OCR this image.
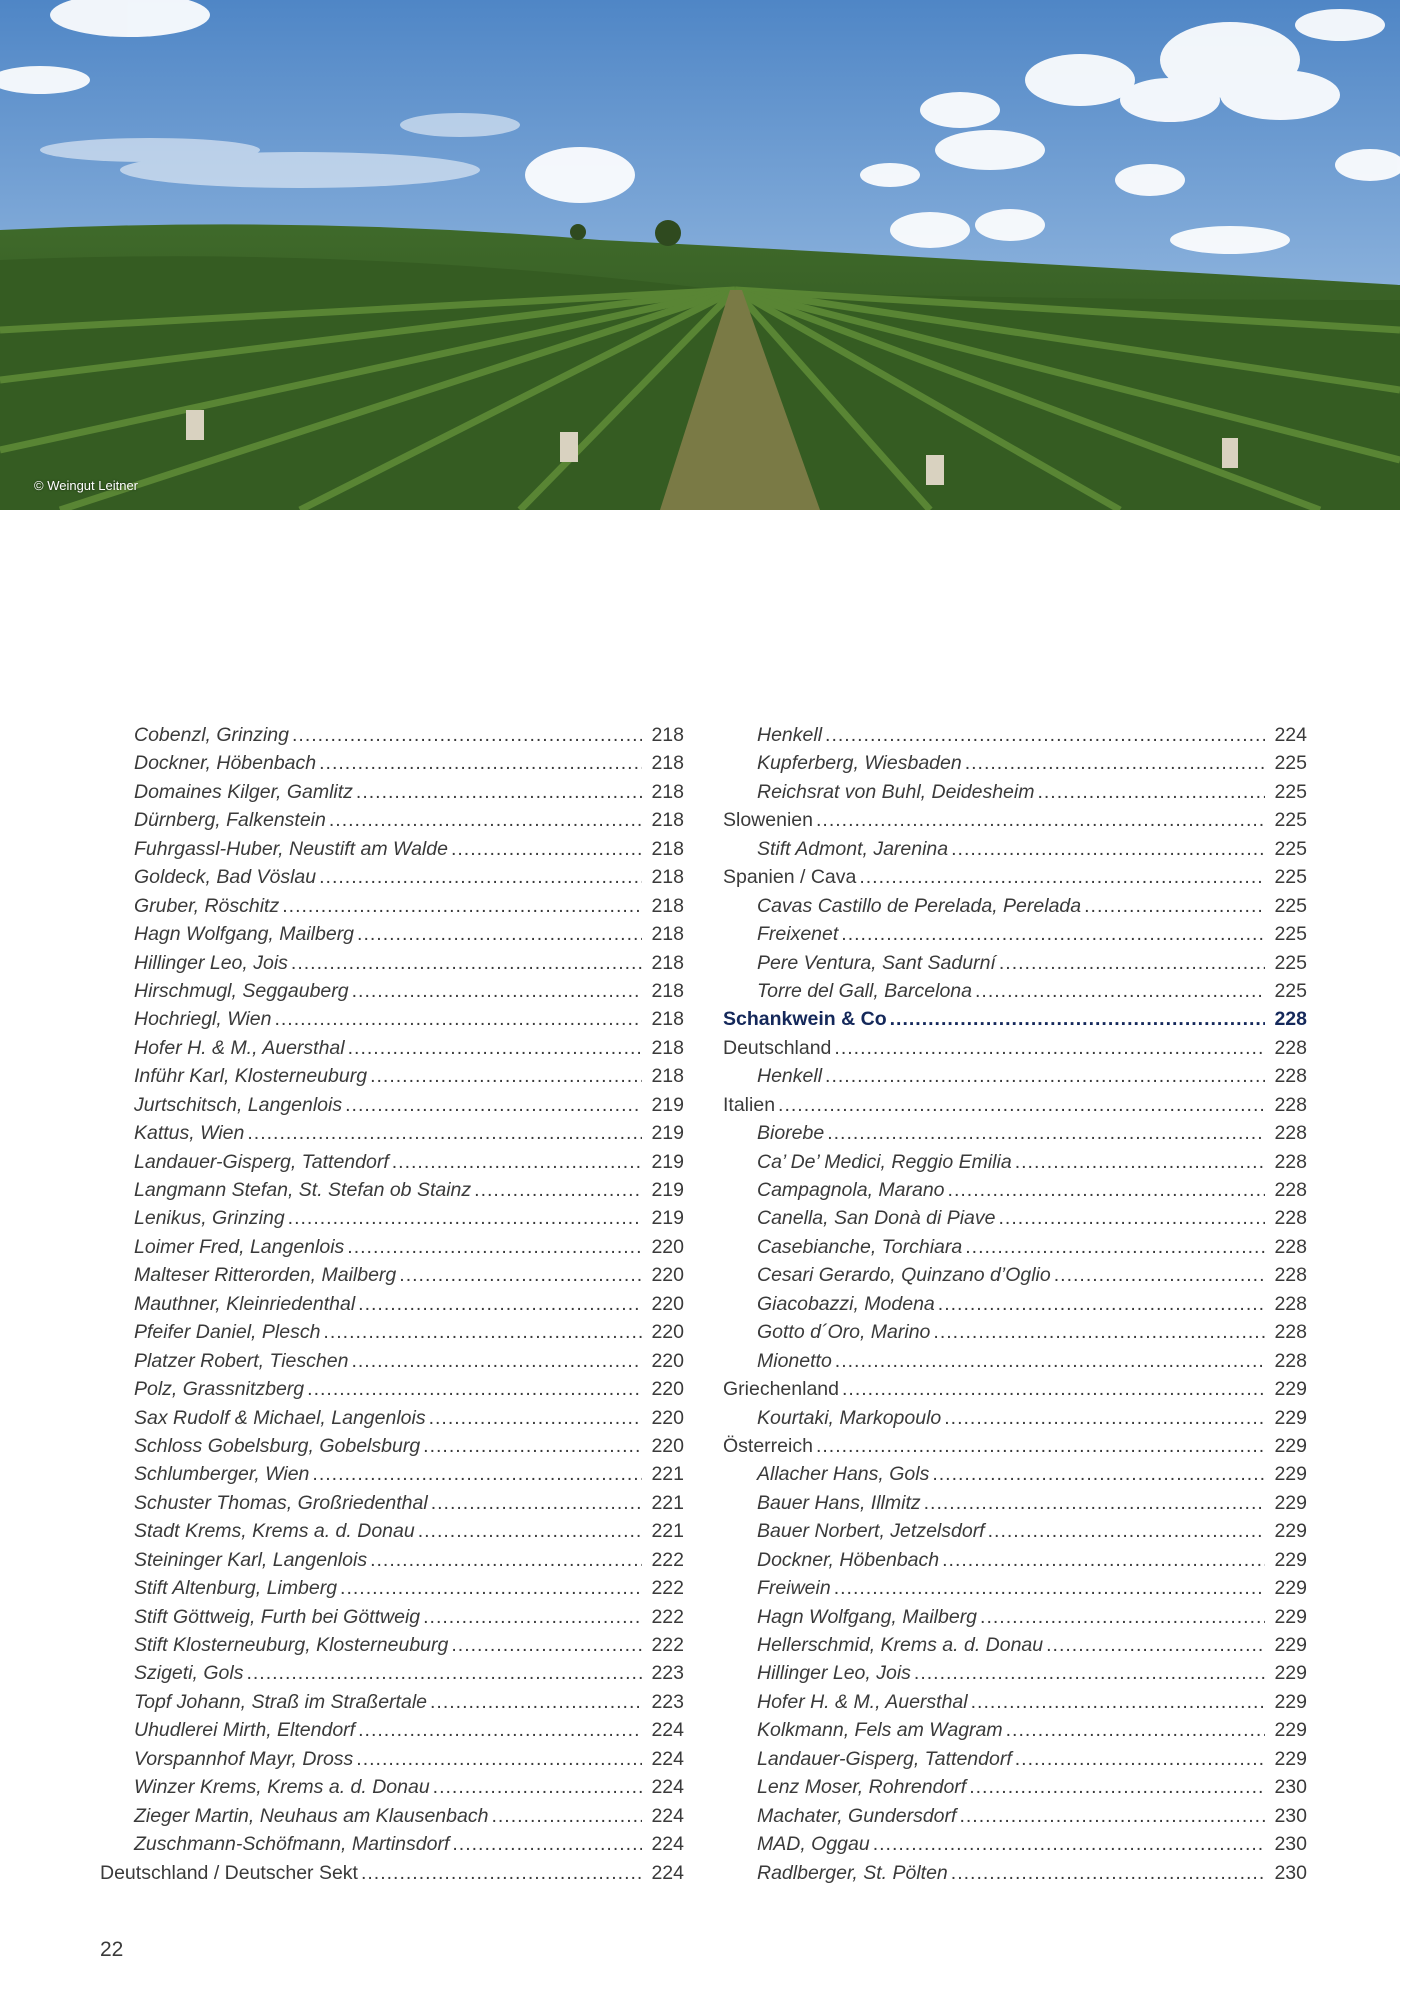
© Weingut Leitner
Cobenzl, Grinzing .....	218
Dockner, Höbenbach .....	218
Domaines Kilger, Gamlitz .....	218
Dürnberg, Falkenstein .....	218
Fuhrgassl-Huber, Neustift am Walde .....	218
Goldeck, Bad Vöslau .....	218
Gruber, Röschitz .....	218
Hagn Wolfgang, Mailberg .....	218
Hillinger Leo, Jois .....	218
Hirschmugl, Seggauberg .....	218
Hochriegl, Wien .....	218
Hofer H. & M., Auersthal .....	218
Inführ Karl, Klosterneuburg .....	218
Jurtschitsch, Langenlois .....	219
Kattus, Wien .....	219
Landauer-Gisperg, Tattendorf .....	219
Langmann Stefan, St. Stefan ob Stainz .....	219
Lenikus, Grinzing .....	219
Loimer Fred, Langenlois .....	220
Malteser Ritterorden, Mailberg .....	220
Mauthner, Kleinriedenthal .....	220
Pfeifer Daniel, Plesch .....	220
Platzer Robert, Tieschen .....	220
Polz, Grassnitzberg .....	220
Sax Rudolf & Michael, Langenlois .....	220
Schloss Gobelsburg, Gobelsburg .....	220
Schlumberger, Wien .....	221
Schuster Thomas, Großriedenthal .....	221
Stadt Krems, Krems a. d. Donau .....	221
Steininger Karl, Langenlois .....	222
Stift Altenburg, Limberg .....	222
Stift Göttweig, Furth bei Göttweig .....	222
Stift Klosterneuburg, Klosterneuburg .....	222
Szigeti, Gols .....	223
Topf Johann, Straß im Straßertale .....	223
Uhudlerei Mirth, Eltendorf .....	224
Vorspannhof Mayr, Dross .....	224
Winzer Krems, Krems a. d. Donau .....	224
Zieger Martin, Neuhaus am Klausenbach .....	224
Zuschmann-Schöfmann, Martinsdorf .....	224
Deutschland / Deutscher Sekt .....	224
Henkell .....	224
Kupferberg, Wiesbaden .....	225
Reichsrat von Buhl, Deidesheim .....	225
Slowenien .....	225
Stift Admont, Jarenina .....	225
Spanien / Cava .....	225
Cavas Castillo de Perelada, Perelada .....	225
Freixenet .....	225
Pere Ventura, Sant Sadurní .....	225
Torre del Gall, Barcelona .....	225
Schankwein & Co .....	228
Deutschland .....	228
Henkell .....	228
Italien .....	228
Biorebe .....	228
Ca’ De’ Medici, Reggio Emilia .....	228
Campagnola, Marano .....	228
Canella, San Donà di Piave .....	228
Casebianche, Torchiara .....	228
Cesari Gerardo, Quinzano d’Oglio .....	228
Giacobazzi, Modena .....	228
Gotto d´Oro, Marino .....	228
Mionetto .....	228
Griechenland .....	229
Kourtaki, Markopoulo .....	229
Österreich .....	229
Allacher Hans, Gols .....	229
Bauer Hans, Illmitz .....	229
Bauer Norbert, Jetzelsdorf .....	229
Dockner, Höbenbach .....	229
Freiwein .....	229
Hagn Wolfgang, Mailberg .....	229
Hellerschmid, Krems a. d. Donau .....	229
Hillinger Leo, Jois .....	229
Hofer H. & M., Auersthal .....	229
Kolkmann, Fels am Wagram .....	229
Landauer-Gisperg, Tattendorf .....	229
Lenz Moser, Rohrendorf .....	230
Machater, Gundersdorf .....	230
MAD, Oggau .....	230
Radlberger, St. Pölten .....	230
22
